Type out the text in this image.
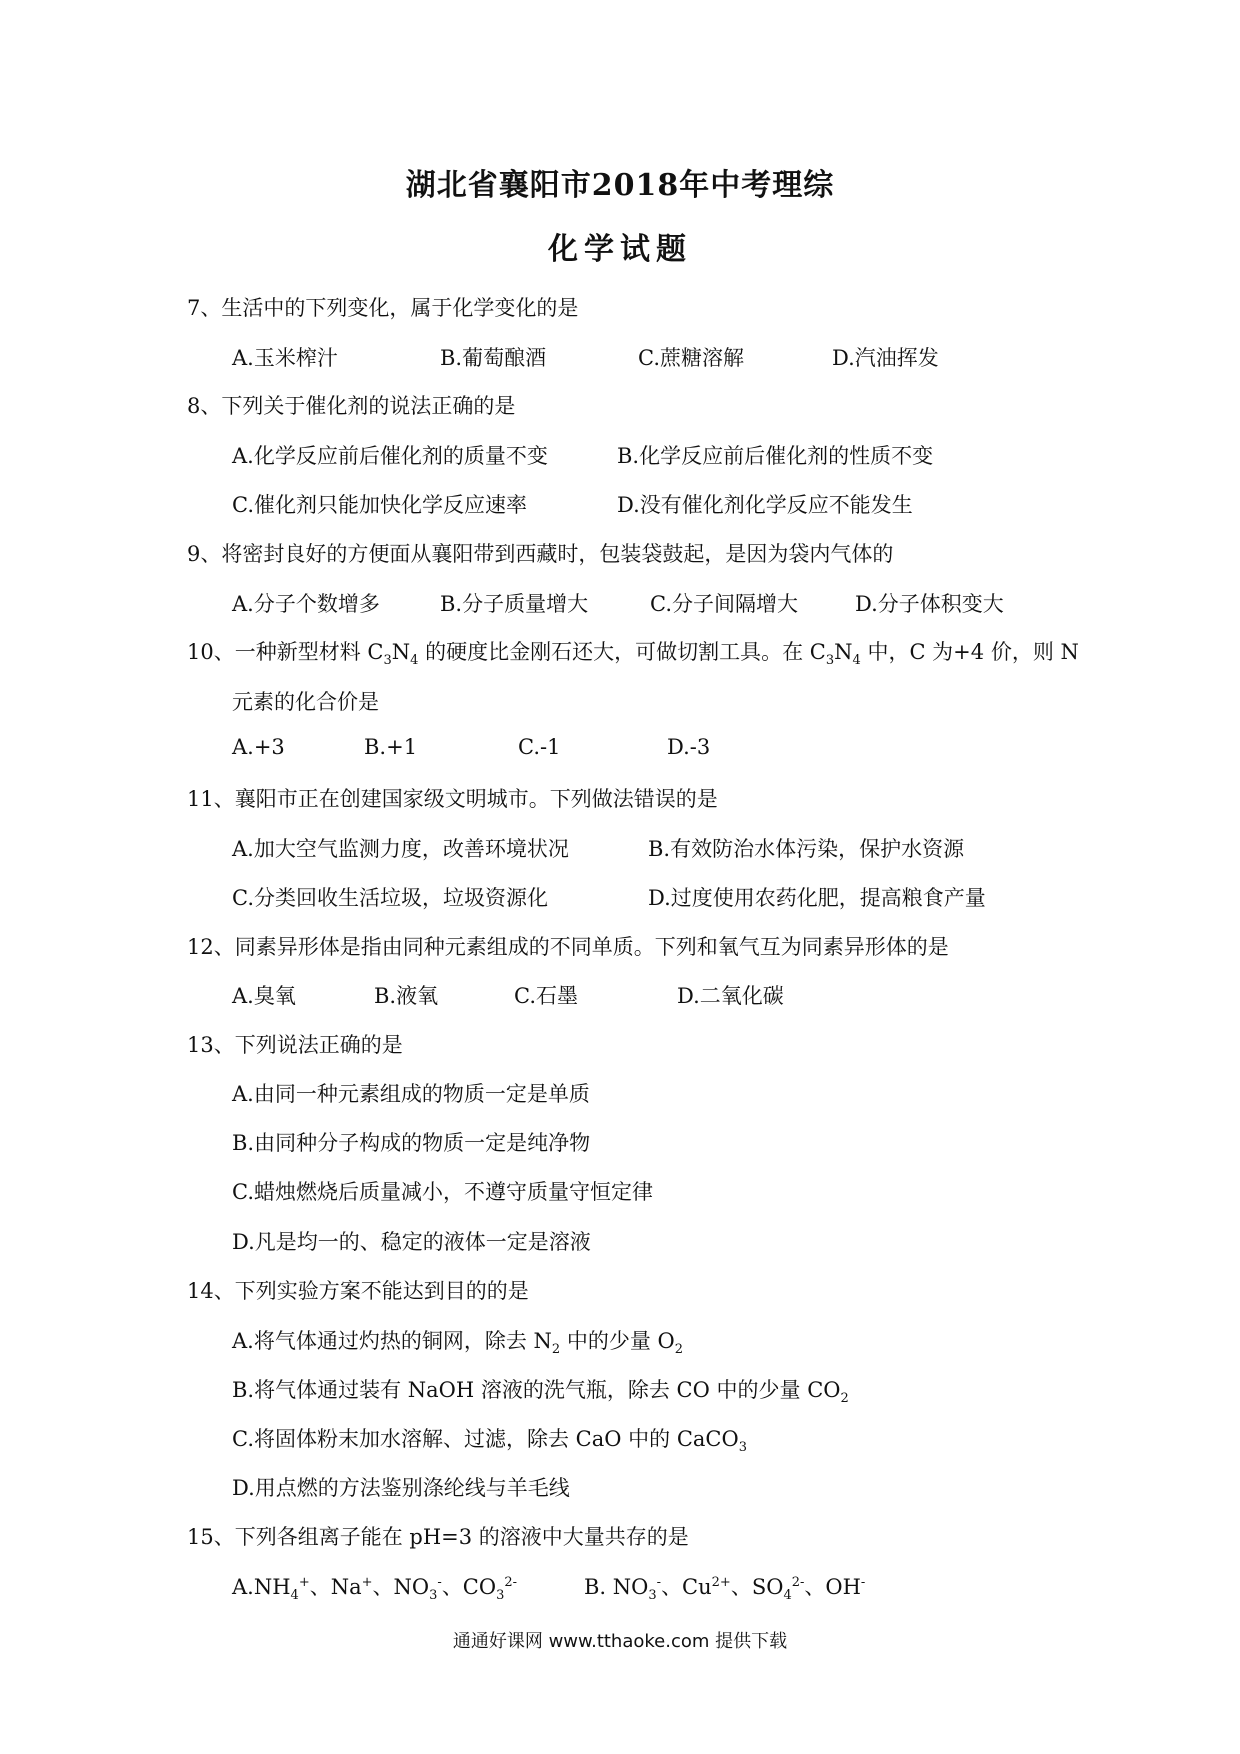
湖北省襄阳市2018年中考理综
化学试题
7、生活中的下列变化，属于化学变化的是
A.玉米榨汁	B.葡萄酿酒	C.蔗糖溶解	D.汽油挥发
8、下列关于催化剂的说法正确的是
A.化学反应前后催化剂的质量不变	B.化学反应前后催化剂的性质不变
C.催化剂只能加快化学反应速率	D.没有催化剂化学反应不能发生
9、将密封良好的方便面从襄阳带到西藏时，包装袋鼓起，是因为袋内气体的
A.分子个数增多	B.分子质量增大	C.分子间隔增大	D.分子体积变大
10、一种新型材料 $C_3N_4$ 的硬度比金刚石还大，可做切割工具。在 $C_3N_4$ 中，C 为+4 价，则 N
元素的化合价是
A.+3	B.+1	C.-1	D.-3
11、襄阳市正在创建国家级文明城市。下列做法错误的是
A.加大空气监测力度，改善环境状况	B.有效防治水体污染，保护水资源
C.分类回收生活垃圾，垃圾资源化	D.过度使用农药化肥，提高粮食产量
12、同素异形体是指由同种元素组成的不同单质。下列和氧气互为同素异形体的是
A.臭氧	B.液氧	C.石墨	D.二氧化碳
13、下列说法正确的是
A.由同一种元素组成的物质一定是单质
B.由同种分子构成的物质一定是纯净物
C.蜡烛燃烧后质量减小，不遵守质量守恒定律
D.凡是均一的、稳定的液体一定是溶液
14、下列实验方案不能达到目的的是
A.将气体通过灼热的铜网，除去 $N_2$ 中的少量 $O_2$
B.将气体通过装有 NaOH 溶液的洗气瓶，除去 CO 中的少量 $CO_2$
C.将固体粉末加水溶解、过滤，除去 CaO 中的 CaCO$_3$
D.用点燃的方法鉴别涤纶线与羊毛线
15、下列各组离子能在 pH=3 的溶液中大量共存的是
$A.NH_4^+$、Na+、$NO_3^-$、$CO_3^{2-}$	B. $NO_3^-$、$Cu^{2+}$、$SO_4^{2-}$、OH-
通通好课网 www.tthaoke.com 提供下载
